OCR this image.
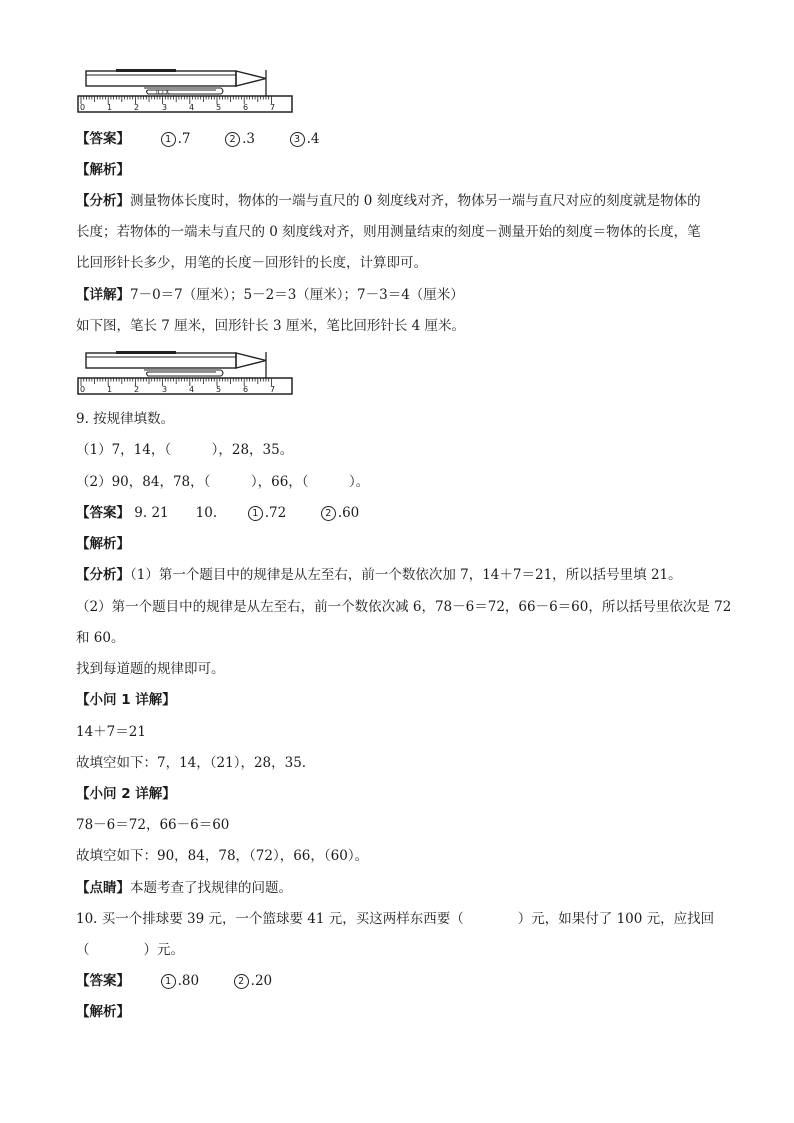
ICLX
0	1	2	3	4	5	6	7
【答案】	1 .7	2 .3	3 .4
【解析】
【分析】测量物体长度时，物体的一端与直尺的 0 刻度线对齐，物体另一端与直尺对应的刻度就是物体的
长度；若物体的一端未与直尺的 0 刻度线对齐，则用测量结束的刻度－测量开始的刻度＝物体的长度，笔
比回形针长多少，用笔的长度－回形针的长度，计算即可。
【详解】7－0＝7（厘米）；5－2＝3（厘米）；7－3＝4（厘米）
如下图，笔长 7 厘米，回形针长 3 厘米，笔比回形针长 4 厘米。
0	1	2	3	4	5	6	7
9. 按规律填数。
（1）7，14，（　　　），28，35。
（2）90，84，78，（　　　），66，（　　　）。
【答案】 9. 21　　10.	1 .72	2 .60
【解析】
【分析】（1）第一个题目中的规律是从左至右，前一个数依次加 7，14＋7＝21，所以括号里填 21。
（2）第一个题目中的规律是从左至右，前一个数依次减 6，78－6＝72，66－6＝60，所以括号里依次是 72
和 60。
找到每道题的规律即可。
【小问 1 详解】
14＋7＝21
故填空如下：7，14，（21），28，35.
【小问 2 详解】
78－6＝72，66－6＝60
故填空如下：90，84，78，（72），66，（60）。
【点睛】本题考查了找规律的问题。
10. 买一个排球要 39 元，一个篮球要 41 元，买这两样东西要（　　　　）元，如果付了 100 元，应找回
（　　　　）元。
【答案】	1 .80	2 .20
【解析】
